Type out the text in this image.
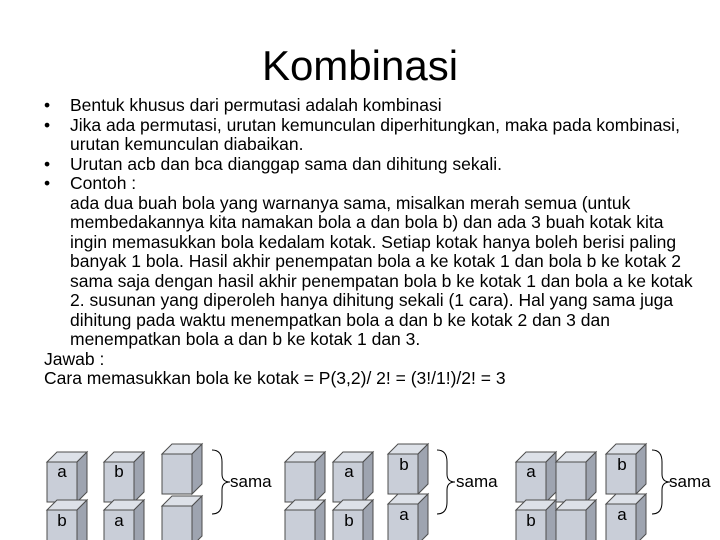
Kombinasi
• Bentuk khusus dari permutasi adalah kombinasi
• Jika ada permutasi, urutan kemunculan diperhitungkan, maka pada kombinasi, urutan kemunculan diabaikan.
• Urutan acb dan bca dianggap sama dan dihitung sekali.
• Contoh :
ada dua buah bola yang warnanya sama, misalkan merah semua (untuk membedakannya kita namakan bola a dan bola b) dan ada 3 buah kotak kita ingin memasukkan bola kedalam kotak. Setiap kotak hanya boleh berisi paling banyak 1 bola. Hasil akhir penempatan bola a ke kotak 1 dan bola b ke kotak 2 sama saja dengan hasil akhir penempatan bola b ke kotak 1 dan bola a ke kotak 2. susunan yang diperoleh hanya dihitung sekali (1 cara). Hal yang sama juga dihitung pada waktu menempatkan bola a dan b ke kotak 2 dan 3 dan menempatkan bola a dan b ke kotak 1 dan 3.
Jawab :
Cara memasukkan bola ke kotak = P(3,2)/ 2! = (3!/1!)/2! = 3
a	b
b	a
sama
a	b
b	a
sama
a	b
b	a
sama
